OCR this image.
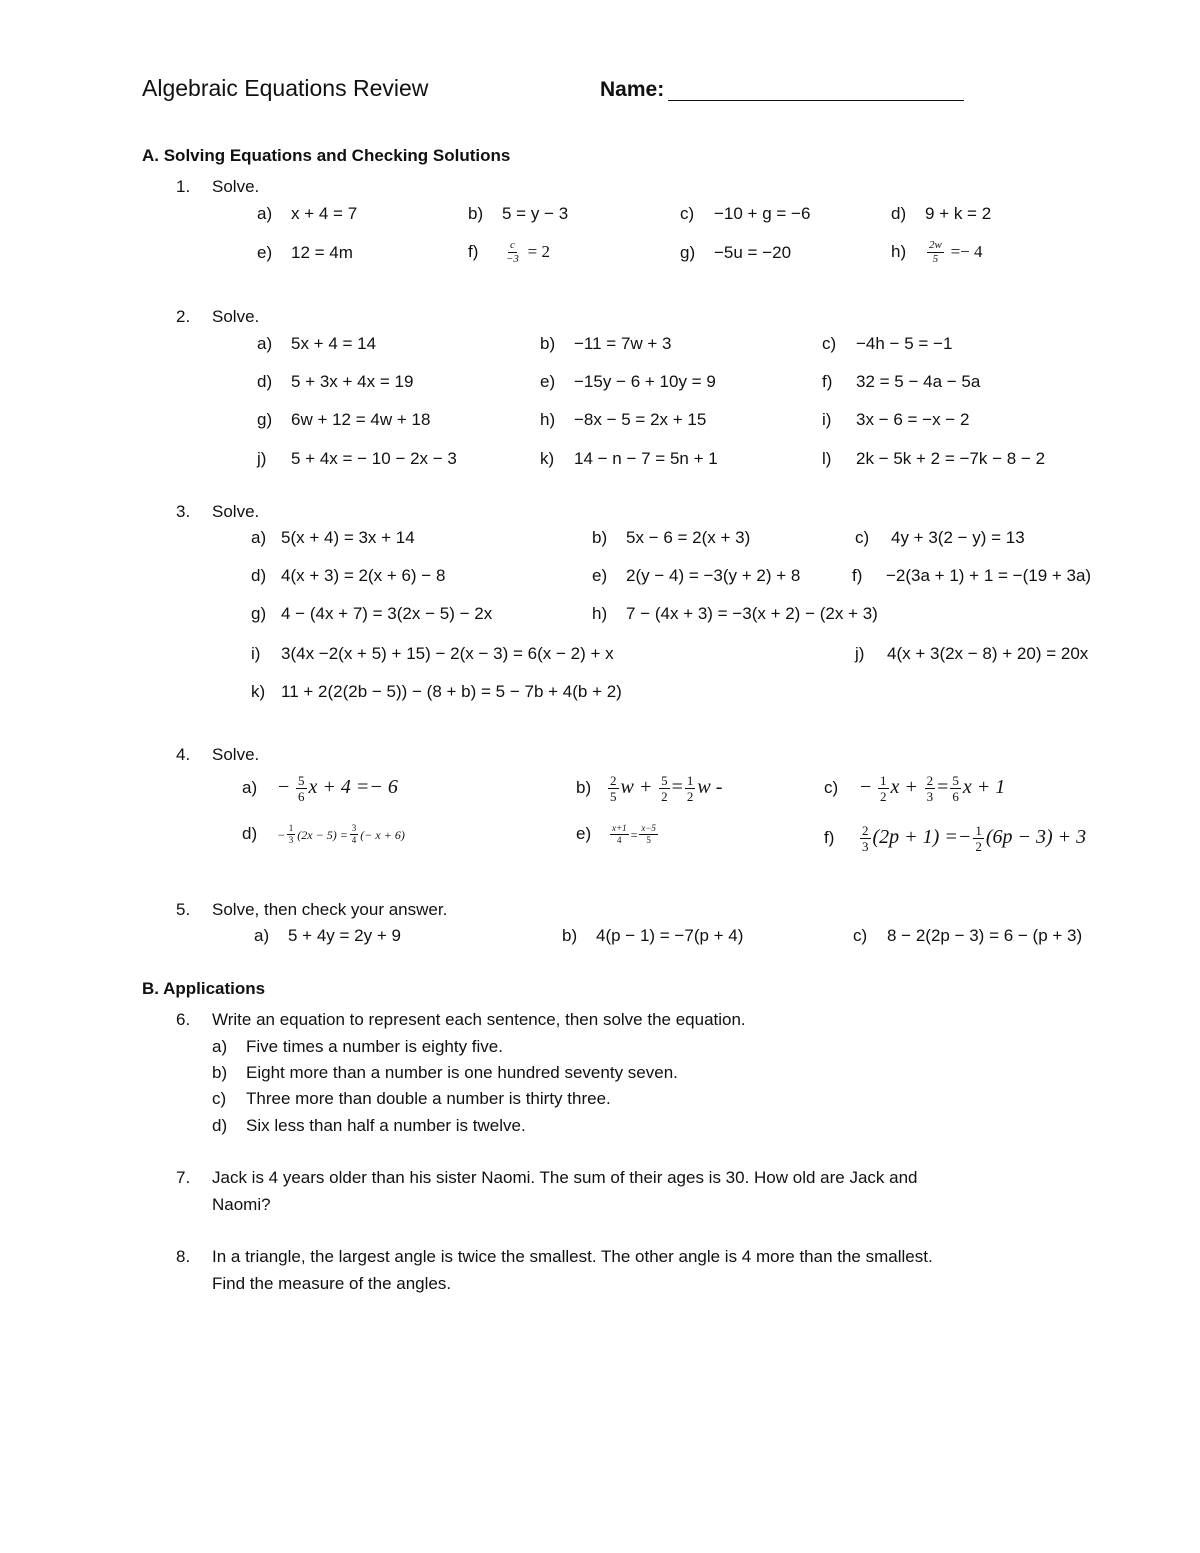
Algebraic Equations Review	Name:
A. Solving Equations and Checking Solutions
1. Solve.
a) x + 4 = 7	b) 5 = y − 3	c) −10 + g = −6	d) 9 + k = 2
e) 12 = 4m	$f) \frac{c}{-3} = 2$	g) −5u = −20	$h) \frac{2w}{5} =- 4$
2. Solve.
a) 5x + 4 = 14	b) −11 = 7w + 3	c) −4h − 5 = −1
d) 5 + 3x + 4x = 19	e) −15y − 6 + 10y = 9	f) 32 = 5 − 4a − 5a
g) 6w + 12 = 4w + 18	h) −8x − 5 = 2x + 15	i) 3x − 6 = −x − 2
j) 5 + 4x = − 10 − 2x − 3	k) 14 − n − 7 = 5n + 1	l) 2k − 5k + 2 = −7k − 8 − 2
3. Solve.
a) 5(x + 4) = 3x + 14	b) 5x − 6 = 2(x + 3)	c) 4y + 3(2 − y) = 13
d) 4(x + 3) = 2(x + 6) − 8	e) 2(y − 4) = −3(y + 2) + 8	f) −2(3a + 1) + 1 = −(19 + 3a)
g) 4 − (4x + 7) = 3(2x − 5) − 2x	h) 7 − (4x + 3) = −3(x + 2) − (2x + 3)
i) 3(4x −2(x + 5) + 15) − 2(x − 3) = 6(x − 2) + x	j) 4(x + 3(2x − 8) + 20) = 20x
k) 11 + 2(2(2b − 5)) − (8 + b) = 5 − 7b + 4(b + 2)
4. Solve.
$a) - \frac{5}{6}$ x + 4 =− 6	$b) \frac{2}{5}$ $w + \frac{5}{2} = \frac{1}{2}$ w -	$c) - \frac{1}{2}$ $x + \frac{2}{3} = \frac{5}{6}$ x + 1
$d) - \frac{1}{3} (2x - 5) = \frac{3}{4}$ (− x + 6)	$e) \frac{x+1}{4} = \frac{x-5}{5}$	$f) \frac{2}{3} (2p + 1) =- \frac{1}{2} (6p - 3) + 3$
5. Solve, then check your answer.
a) 5 + 4y = 2y + 9	b) 4(p − 1) = −7(p + 4)	c) 8 − 2(2p − 3) = 6 − (p + 3)
B. Applications
6. Write an equation to represent each sentence, then solve the equation.
a) Five times a number is eighty five.
b) Eight more than a number is one hundred seventy seven.
c) Three more than double a number is thirty three.
d) Six less than half a number is twelve.
7. Jack is 4 years older than his sister Naomi. The sum of their ages is 30. How old are Jack and
Naomi?
8. In a triangle, the largest angle is twice the smallest. The other angle is 4 more than the smallest.
Find the measure of the angles.
